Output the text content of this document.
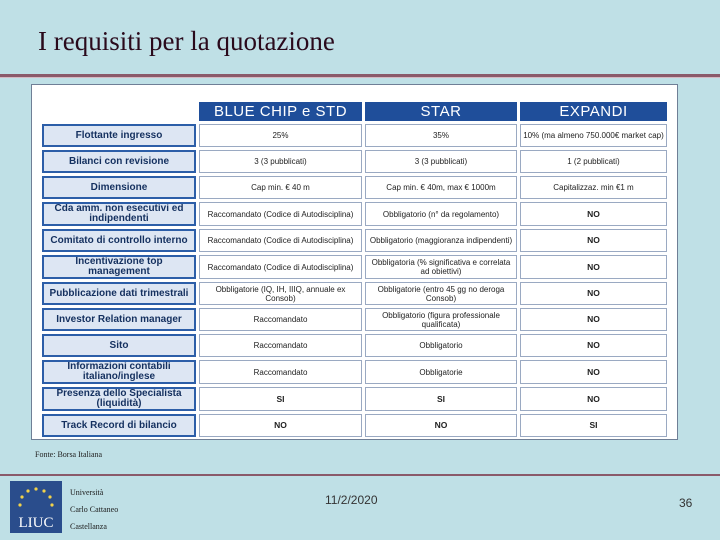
I requisiti per la quotazione
	BLUE CHIP e STD	STAR	EXPANDI
Flottante ingresso	25%	35%	10% (ma almeno 750.000€ market cap)
Bilanci con revisione	3 (3 pubblicati)	3 (3 pubblicati)	1 (2 pubblicati)
Dimensione	Cap min. € 40 m	Cap min. € 40m, max € 1000m	Capitalizzaz. min €1 m
Cda amm. non esecutivi ed indipendenti	Raccomandato (Codice di Autodisciplina)	Obbligatorio (n° da regolamento)	NO
Comitato di controllo interno	Raccomandato (Codice di Autodisciplina)	Obbligatorio (maggioranza indipendenti)	NO
Incentivazione top management	Raccomandato (Codice di Autodisciplina)	Obbligatoria (% significativa e correlata ad obiettivi)	NO
Pubblicazione dati trimestrali	Obbligatorie (IQ, IH, IIIQ, annuale ex Consob)	Obbligatorie (entro 45 gg no deroga Consob)	NO
Investor Relation manager	Raccomandato	Obbligatorio (figura professionale qualificata)	NO
Sito	Raccomandato	Obbligatorio	NO
Informazioni contabili italiano/inglese	Raccomandato	Obbligatorie	NO
Presenza dello Specialista (liquidità)	SI	SI	NO
Track Record di bilancio	NO	NO	SI
Fonte: Borsa Italiana
LIUC
Università
Carlo Cattaneo
Castellanza
11/2/2020	36
